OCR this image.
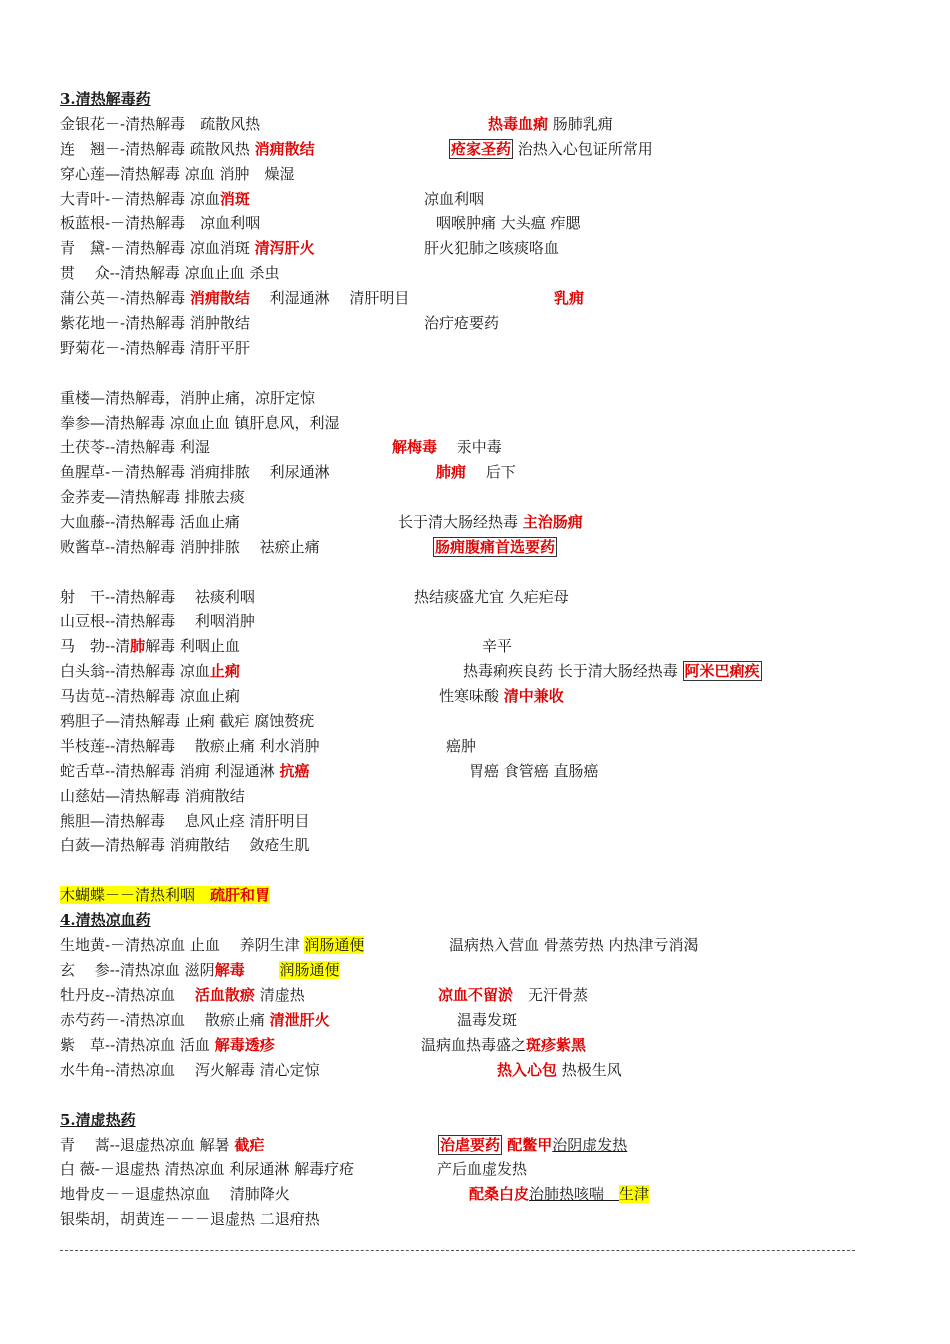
3.清热解毒药
金银花－-清热解毒　疏散风热	热毒血痢 肠肺乳痈
连　翘－-清热解毒 疏散风热 消痈散结	疮家圣药 治热入心包证所常用
穿心莲—清热解毒 凉血 消肿　燥湿
大青叶-－清热解毒 凉血消斑	凉血利咽
板蓝根-－清热解毒　凉血利咽	咽喉肿痛 大头瘟 痄腮
青　黛-－清热解毒 凉血消斑 清泻肝火	肝火犯肺之咳痰咯血
贯　 众--清热解毒 凉血止血 杀虫
蒲公英－-清热解毒 消痈散结　 利湿通淋　 清肝明目	乳痈
紫花地－-清热解毒 消肿散结	治疔疮要药
野菊花－-清热解毒 清肝平肝
重楼—清热解毒，消肿止痛，凉肝定惊
拳参—清热解毒 凉血止血 镇肝息风，利湿
土茯苓--清热解毒 利湿	解梅毒　 汞中毒
鱼腥草-－清热解毒 消痈排脓　 利尿通淋	肺痈　 后下
金荞麦—清热解毒 排脓去痰
大血藤--清热解毒 活血止痛	长于清大肠经热毒 主治肠痈
败酱草--清热解毒 消肿排脓　 祛瘀止痛	肠痈腹痛首选要药
射　干--清热解毒　 祛痰利咽	热结痰盛尤宜 久疟疟母
山豆根--清热解毒　 利咽消肿
马　勃--清肺解毒 利咽止血	辛平
白头翁--清热解毒 凉血止痢	热毒痢疾良药 长于清大肠经热毒 阿米巴痢疾
马齿苋--清热解毒 凉血止痢	性寒味酸 清中兼收
鸦胆子—清热解毒 止痢 截疟 腐蚀赘疣
半枝莲--清热解毒　 散瘀止痛 利水消肿	癌肿
蛇舌草--清热解毒 消痈 利湿通淋 抗癌	胃癌 食管癌 直肠癌
山慈姑—清热解毒 消痈散结
熊胆—清热解毒　 息风止痉 清肝明目
白蔹—清热解毒 消痈散结　 敛疮生肌
木蝴蝶－－清热利咽　疏肝和胃
4.清热凉血药
生地黄-－清热凉血 止血　 养阴生津 润肠通便	温病热入营血 骨蒸劳热 内热津亏消渴
玄　 参--清热凉血 滋阴解毒　　 润肠通便
牡丹皮--清热凉血　 活血散瘀 清虚热	凉血不留淤　无汗骨蒸
赤芍药－-清热凉血　 散瘀止痛 清泄肝火	温毒发斑
紫　草--清热凉血 活血 解毒透疹	温病血热毒盛之斑疹紫黑
水牛角--清热凉血　 泻火解毒 清心定惊	热入心包 热极生风
5.清虚热药
青　 蒿--退虚热凉血 解暑 截疟	治虐要药 配鳖甲治阴虚发热
白 薇-－退虚热 清热凉血 利尿通淋 解毒疗疮	产后血虚发热
地骨皮－－退虚热凉血　 清肺降火	配桑白皮治肺热咳喘　生津
银柴胡，胡黄连－－－退虚热 二退疳热
